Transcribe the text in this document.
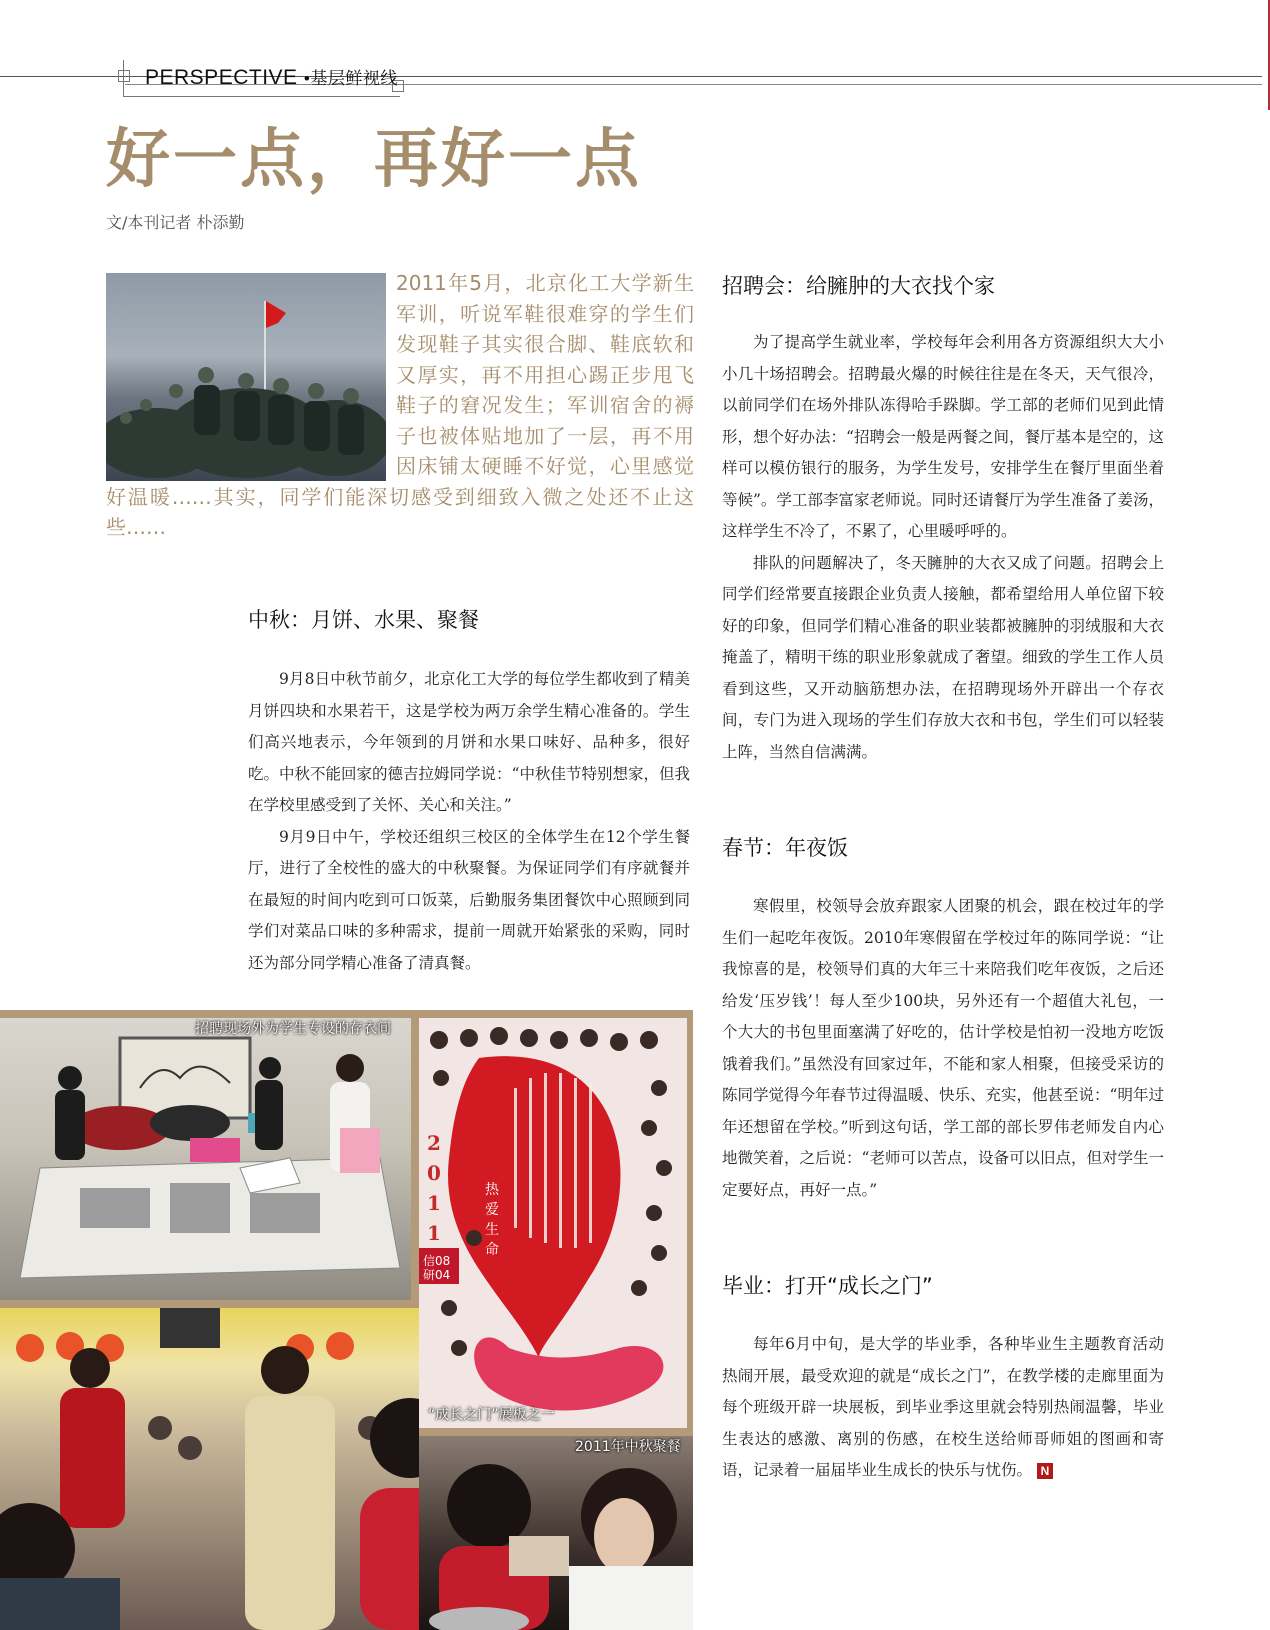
PERSPECTIVE •基层鲜视线
好一点，再好一点
文/本刊记者 朴添勤
2011年5月，北京化工大学新生军训，听说军鞋很难穿的学生们发现鞋子其实很合脚、鞋底软和又厚实，再不用担心踢正步甩飞鞋子的窘况发生；军训宿舍的褥子也被体贴地加了一层，再不用因床铺太硬睡不好觉，心里感觉好温暖……其实，同学们能深切感受到细致入微之处还不止这些……
中秋：月饼、水果、聚餐

9月8日中秋节前夕，北京化工大学的每位学生都收到了精美月饼四块和水果若干，这是学校为两万余学生精心准备的。学生们高兴地表示，今年领到的月饼和水果口味好、品种多，很好吃。中秋不能回家的德吉拉姆同学说：“中秋佳节特别想家，但我在学校里感受到了关怀、关心和关注。”

9月9日中午，学校还组织三校区的全体学生在12个学生餐厅，进行了全校性的盛大的中秋聚餐。为保证同学们有序就餐并在最短的时间内吃到可口饭菜，后勤服务集团餐饮中心照顾到同学们对菜品口味的多种需求，提前一周就开始紧张的采购，同时还为部分同学精心准备了清真餐。

招聘会：给臃肿的大衣找个家

为了提高学生就业率，学校每年会利用各方资源组织大大小小几十场招聘会。招聘最火爆的时候往往是在冬天，天气很冷，以前同学们在场外排队冻得哈手跺脚。学工部的老师们见到此情形，想个好办法：“招聘会一般是两餐之间，餐厅基本是空的，这样可以模仿银行的服务，为学生发号，安排学生在餐厅里面坐着等候”。学工部李富家老师说。同时还请餐厅为学生准备了姜汤，这样学生不冷了，不累了，心里暖呼呼的。

排队的问题解决了，冬天臃肿的大衣又成了问题。招聘会上同学们经常要直接跟企业负责人接触，都希望给用人单位留下较好的印象，但同学们精心准备的职业装都被臃肿的羽绒服和大衣掩盖了，精明干练的职业形象就成了奢望。细致的学生工作人员看到这些，又开动脑筋想办法，在招聘现场外开辟出一个存衣间，专门为进入现场的学生们存放大衣和书包，学生们可以轻装上阵，当然自信满满。

春节：年夜饭

寒假里，校领导会放弃跟家人团聚的机会，跟在校过年的学生们一起吃年夜饭。2010年寒假留在学校过年的陈同学说：“让我惊喜的是，校领导们真的大年三十来陪我们吃年夜饭，之后还给发‘压岁钱’！每人至少100块，另外还有一个超值大礼包，一个大大的书包里面塞满了好吃的，估计学校是怕初一没地方吃饭饿着我们。”虽然没有回家过年，不能和家人相聚，但接受采访的陈同学觉得今年春节过得温暖、快乐、充实，他甚至说：“明年过年还想留在学校。”听到这句话，学工部的部长罗伟老师发自内心地微笑着，之后说：“老师可以苦点，设备可以旧点，但对学生一定要好点，再好一点。”

毕业：打开“成长之门”

每年6月中旬，是大学的毕业季，各种毕业生主题教育活动热闹开展，最受欢迎的就是“成长之门”，在教学楼的走廊里面为每个班级开辟一块展板，到毕业季这里就会特别热闹温馨，毕业生表达的感激、离别的伤感，在校生送给师哥师姐的图画和寄语，记录着一届届毕业生成长的快乐与忧伤。 N

招聘现场外为学生专设的存衣间
2011
热爱生命
信08 研04
“成长之门”展板之一
2011年中秋聚餐
